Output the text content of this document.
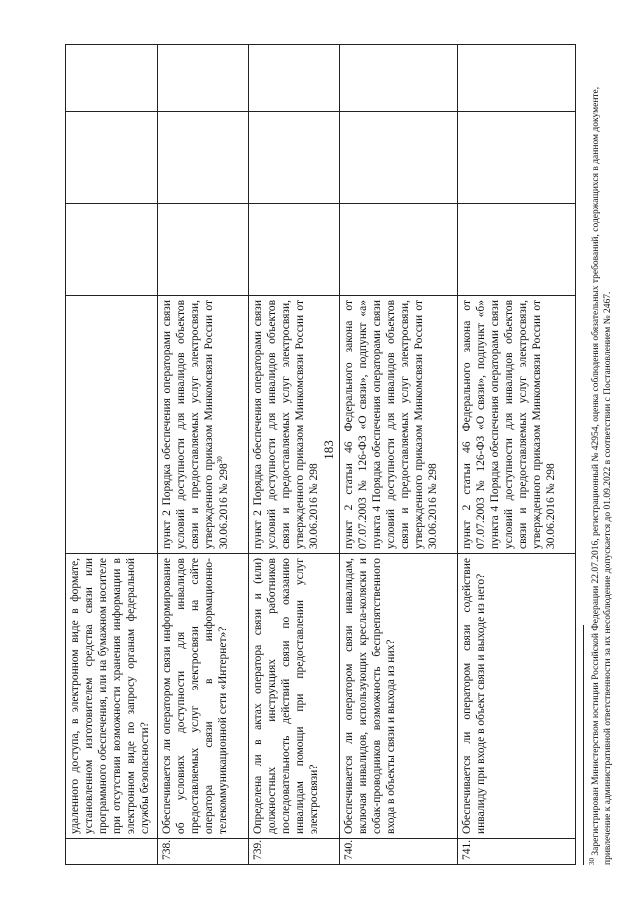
183
	удаленного доступа, в электронном виде в формате, установленном изготовителем средства связи или программного обеспечения, или на бумажном носителе при отсутствии возможности хранения информации в электронном виде по запросу органам федеральной службы безопасности?				
738.	Обеспечивается ли оператором связи информирование об условиях доступности для инвалидов предоставляемых услуг электросвязи на сайте оператора связи в информационно-телекоммуникационной сети «Интернет»?	пункт 2 Порядка обеспечения операторами связи условий доступности для инвалидов объектов связи и предоставляемых услуг электросвязи, утвержденного приказом Минкомсвязи России от 30.06.2016 № $298^{30}$			
739.	Определена ли в актах оператора связи и (или) должностных инструкциях работников последовательность действий связи по оказанию инвалидам помощи при предоставлении услуг электросвязи?	пункт 2 Порядка обеспечения операторами связи условий доступности для инвалидов объектов связи и предоставляемых услуг электросвязи, утвержденного приказом Минкомсвязи России от 30.06.2016 № 298			
740.	Обеспечивается ли оператором связи инвалидам, включая инвалидов, использующих кресла-коляски и собак-проводников возможность беспрепятственного входа в объекты связи и выхода из них?	пункт 2 статьи 46 Федерального закона от 07.07.2003 № 126-ФЗ «О связи», подпункт «а» пункта 4 Порядка обеспечения операторами связи условий доступности для инвалидов объектов связи и предоставляемых услуг электросвязи, утвержденного приказом Минкомсвязи России от 30.06.2016 № 298			
741.	Обеспечивается ли оператором связи содействие инвалиду при входе в объект связи и выходе из него?	пункт 2 статьи 46 Федерального закона от 07.07.2003 № 126-ФЗ «О связи», подпункт «б» пункта 4 Порядка обеспечения операторами связи условий доступности для инвалидов объектов связи и предоставляемых услуг электросвязи, утвержденного приказом Минкомсвязи России от 30.06.2016 № 298			
$^{30}$ Зарегистрирован Министерством юстиции Российской Федерации 22.07.2016, регистрационный № 42954, оценка соблюдения обязательных требований, содержащихся в данном документе, привлечение к административной ответственности за их несоблюдение допускается до 01.09.2022 в соответствии с Постановлением № 2467.
